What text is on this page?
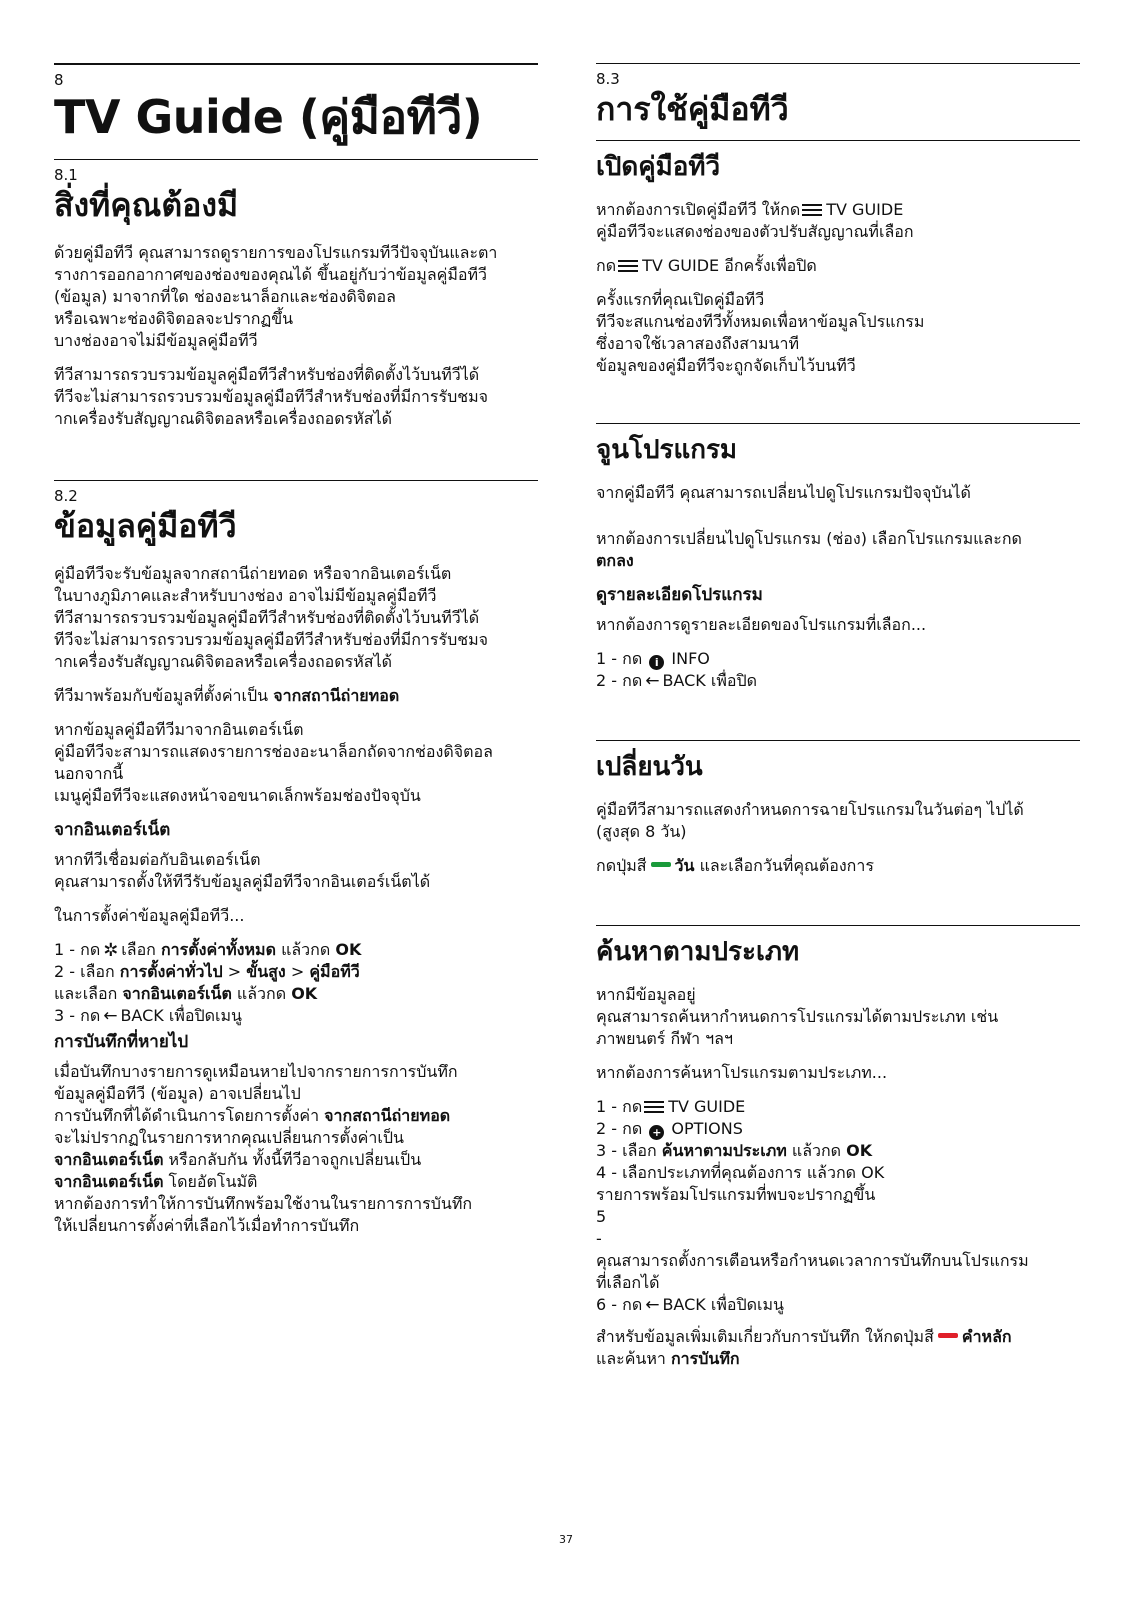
8
TV Guide (คู่มือทีวี)
8.1
สิ่งที่คุณต้องมี

ด้วยคู่มือทีวี คุณสามารถดูรายการของโปรแกรมทีวีปัจจุบันและตา
รางการออกอากาศของช่องของคุณได้ ขึ้นอยู่กับว่าข้อมูลคู่มือทีวี
(ข้อมูล) มาจากที่ใด ช่องอะนาล็อกและช่องดิจิตอล
หรือเฉพาะช่องดิจิตอลจะปรากฏขึ้น
บางช่องอาจไม่มีข้อมูลคู่มือทีวี

ทีวีสามารถรวบรวมข้อมูลคู่มือทีวีสำหรับช่องที่ติดตั้งไว้บนทีวีได้
ทีวีจะไม่สามารถรวบรวมข้อมูลคู่มือทีวีสำหรับช่องที่มีการรับชมจ
ากเครื่องรับสัญญาณดิจิตอลหรือเครื่องถอดรหัสได้

8.2
ข้อมูลคู่มือทีวี

คู่มือทีวีจะรับข้อมูลจากสถานีถ่ายทอด หรือจากอินเตอร์เน็ต
ในบางภูมิภาคและสำหรับบางช่อง อาจไม่มีข้อมูลคู่มือทีวี
ทีวีสามารถรวบรวมข้อมูลคู่มือทีวีสำหรับช่องที่ติดตั้งไว้บนทีวีได้
ทีวีจะไม่สามารถรวบรวมข้อมูลคู่มือทีวีสำหรับช่องที่มีการรับชมจ
ากเครื่องรับสัญญาณดิจิตอลหรือเครื่องถอดรหัสได้

ทีวีมาพร้อมกับข้อมูลที่ตั้งค่าเป็น จากสถานีถ่ายทอด

หากข้อมูลคู่มือทีวีมาจากอินเตอร์เน็ต
คู่มือทีวีจะสามารถแสดงรายการช่องอะนาล็อกถัดจากช่องดิจิตอล
นอกจากนี้
เมนูคู่มือทีวีจะแสดงหน้าจอขนาดเล็กพร้อมช่องปัจจุบัน

จากอินเตอร์เน็ต

หากทีวีเชื่อมต่อกับอินเตอร์เน็ต
คุณสามารถตั้งให้ทีวีรับข้อมูลคู่มือทีวีจากอินเตอร์เน็ตได้

ในการตั้งค่าข้อมูลคู่มือทีวี...

1 - กด ✲ เลือก การตั้งค่าทั้งหมด แล้วกด OK
2 - เลือก การตั้งค่าทั่วไป > ขั้นสูง > คู่มือทีวี
และเลือก จากอินเตอร์เน็ต แล้วกด OK
3 - กด ← BACK เพื่อปิดเมนู

การบันทึกที่หายไป

เมื่อบันทึกบางรายการดูเหมือนหายไปจากรายการการบันทึก
ข้อมูลคู่มือทีวี (ข้อมูล) อาจเปลี่ยนไป
การบันทึกที่ได้ดำเนินการโดยการตั้งค่า จากสถานีถ่ายทอด
จะไม่ปรากฏในรายการหากคุณเปลี่ยนการตั้งค่าเป็น
จากอินเตอร์เน็ต หรือกลับกัน ทั้งนี้ทีวีอาจถูกเปลี่ยนเป็น
จากอินเตอร์เน็ต โดยอัตโนมัติ
หากต้องการทำให้การบันทึกพร้อมใช้งานในรายการการบันทึก
ให้เปลี่ยนการตั้งค่าที่เลือกไว้เมื่อทำการบันทึก

8.3
การใช้คู่มือทีวี
เปิดคู่มือทีวี

หากต้องการเปิดคู่มือทีวี ให้กด TV GUIDE
คู่มือทีวีจะแสดงช่องของตัวปรับสัญญาณที่เลือก

กด TV GUIDE อีกครั้งเพื่อปิด

ครั้งแรกที่คุณเปิดคู่มือทีวี
ทีวีจะสแกนช่องทีวีทั้งหมดเพื่อหาข้อมูลโปรแกรม
ซึ่งอาจใช้เวลาสองถึงสามนาที
ข้อมูลของคู่มือทีวีจะถูกจัดเก็บไว้บนทีวี

จูนโปรแกรม

จากคู่มือทีวี คุณสามารถเปลี่ยนไปดูโปรแกรมปัจจุบันได้

หากต้องการเปลี่ยนไปดูโปรแกรม (ช่อง) เลือกโปรแกรมและกด
ตกลง

ดูรายละเอียดโปรแกรม

หากต้องการดูรายละเอียดของโปรแกรมที่เลือก...

1 - กด i INFO
2 - กด ← BACK เพื่อปิด

เปลี่ยนวัน

คู่มือทีวีสามารถแสดงกำหนดการฉายโปรแกรมในวันต่อๆ ไปได้
(สูงสุด 8 วัน)

กดปุ่มสี วัน และเลือกวันที่คุณต้องการ

ค้นหาตามประเภท

หากมีข้อมูลอยู่
คุณสามารถค้นหากำหนดการโปรแกรมได้ตามประเภท เช่น
ภาพยนตร์ กีฬา ฯลฯ

หากต้องการค้นหาโปรแกรมตามประเภท...

1 - กด TV GUIDE
2 - กด + OPTIONS
3 - เลือก ค้นหาตามประเภท แล้วกด OK
4 - เลือกประเภทที่คุณต้องการ แล้วกด OK
รายการพร้อมโปรแกรมที่พบจะปรากฏขึ้น
5
-
คุณสามารถตั้งการเตือนหรือกำหนดเวลาการบันทึกบนโปรแกรม
ที่เลือกได้
6 - กด ← BACK เพื่อปิดเมนู

สำหรับข้อมูลเพิ่มเติมเกี่ยวกับการบันทึก ให้กดปุ่มสี คำหลัก
และค้นหา การบันทึก

37
